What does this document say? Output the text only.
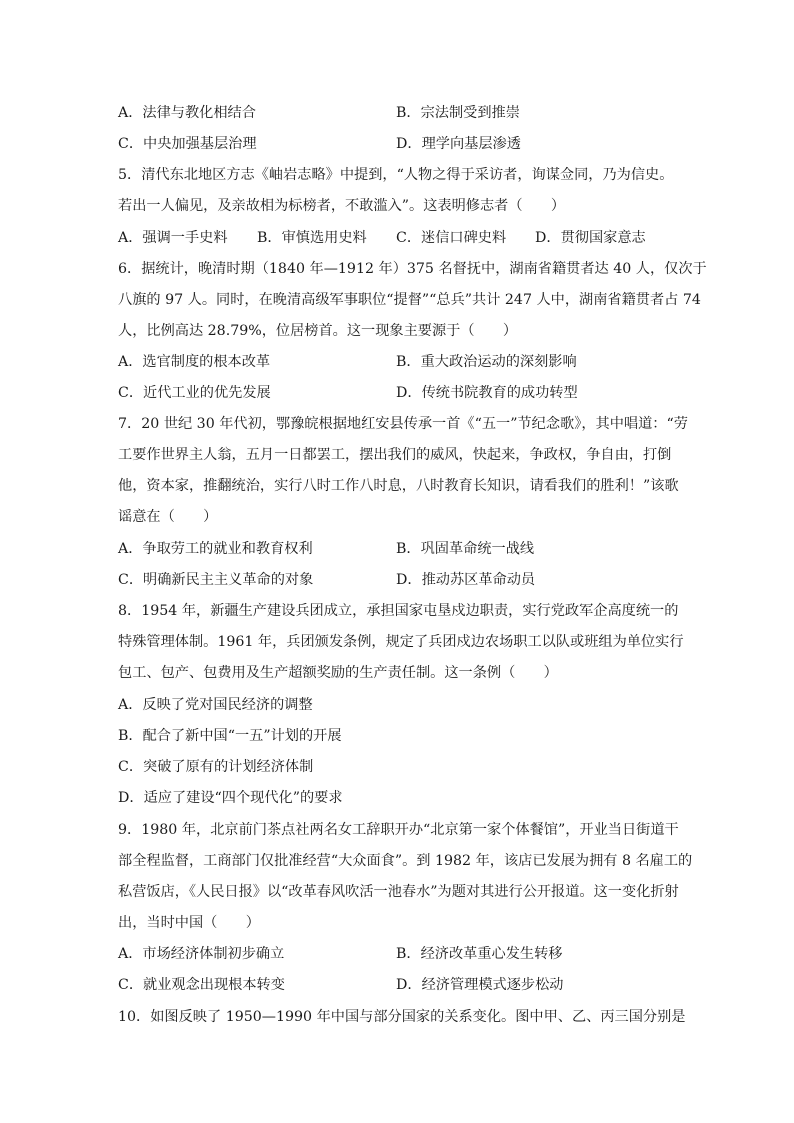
A．法律与教化相结合	B．宗法制受到推崇
C．中央加强基层治理	D．理学向基层渗透
5．清代东北地区方志《岫岩志略》中提到，“人物之得于采访者，询谋佥同，乃为信史。
若出一人偏见，及亲故相为标榜者，不敢滥入”。这表明修志者（　　）
A．强调一手史料 B．审慎选用史料 C．迷信口碑史料 D．贯彻国家意志
6．据统计，晚清时期（1840 年—1912 年）375 名督抚中，湖南省籍贯者达 40 人，仅次于
八旗的 97 人。同时，在晚清高级军事职位“提督”“总兵”共计 247 人中，湖南省籍贯者占 74
人，比例高达 28.79%，位居榜首。这一现象主要源于（　　）
A．选官制度的根本改革	B．重大政治运动的深刻影响
C．近代工业的优先发展	D．传统书院教育的成功转型
7．20 世纪 30 年代初，鄂豫皖根据地红安县传承一首《“五一”节纪念歌》，其中唱道：“劳
工要作世界主人翁，五月一日都罢工，摆出我们的威风，快起来，争政权，争自由，打倒
他，资本家，推翻统治，实行八时工作八时息，八时教育长知识，请看我们的胜利！”该歌
谣意在（　　）
A．争取劳工的就业和教育权利	B．巩固革命统一战线
C．明确新民主主义革命的对象	D．推动苏区革命动员
8．1954 年，新疆生产建设兵团成立，承担国家屯垦戍边职责，实行党政军企高度统一的
特殊管理体制。1961 年，兵团颁发条例，规定了兵团戍边农场职工以队或班组为单位实行
包工、包产、包费用及生产超额奖励的生产责任制。这一条例（　　）
A．反映了党对国民经济的调整
B．配合了新中国“一五”计划的开展
C．突破了原有的计划经济体制
D．适应了建设“四个现代化”的要求
9．1980 年，北京前门茶点社两名女工辞职开办“北京第一家个体餐馆”，开业当日街道干
部全程监督，工商部门仅批准经营“大众面食”。到 1982 年，该店已发展为拥有 8 名雇工的
私营饭店，《人民日报》以“改革春风吹活一池春水”为题对其进行公开报道。这一变化折射
出，当时中国（　　）
A．市场经济体制初步确立	B．经济改革重心发生转移
C．就业观念出现根本转变	D．经济管理模式逐步松动
10．如图反映了 1950—1990 年中国与部分国家的关系变化。图中甲、乙、丙三国分别是
